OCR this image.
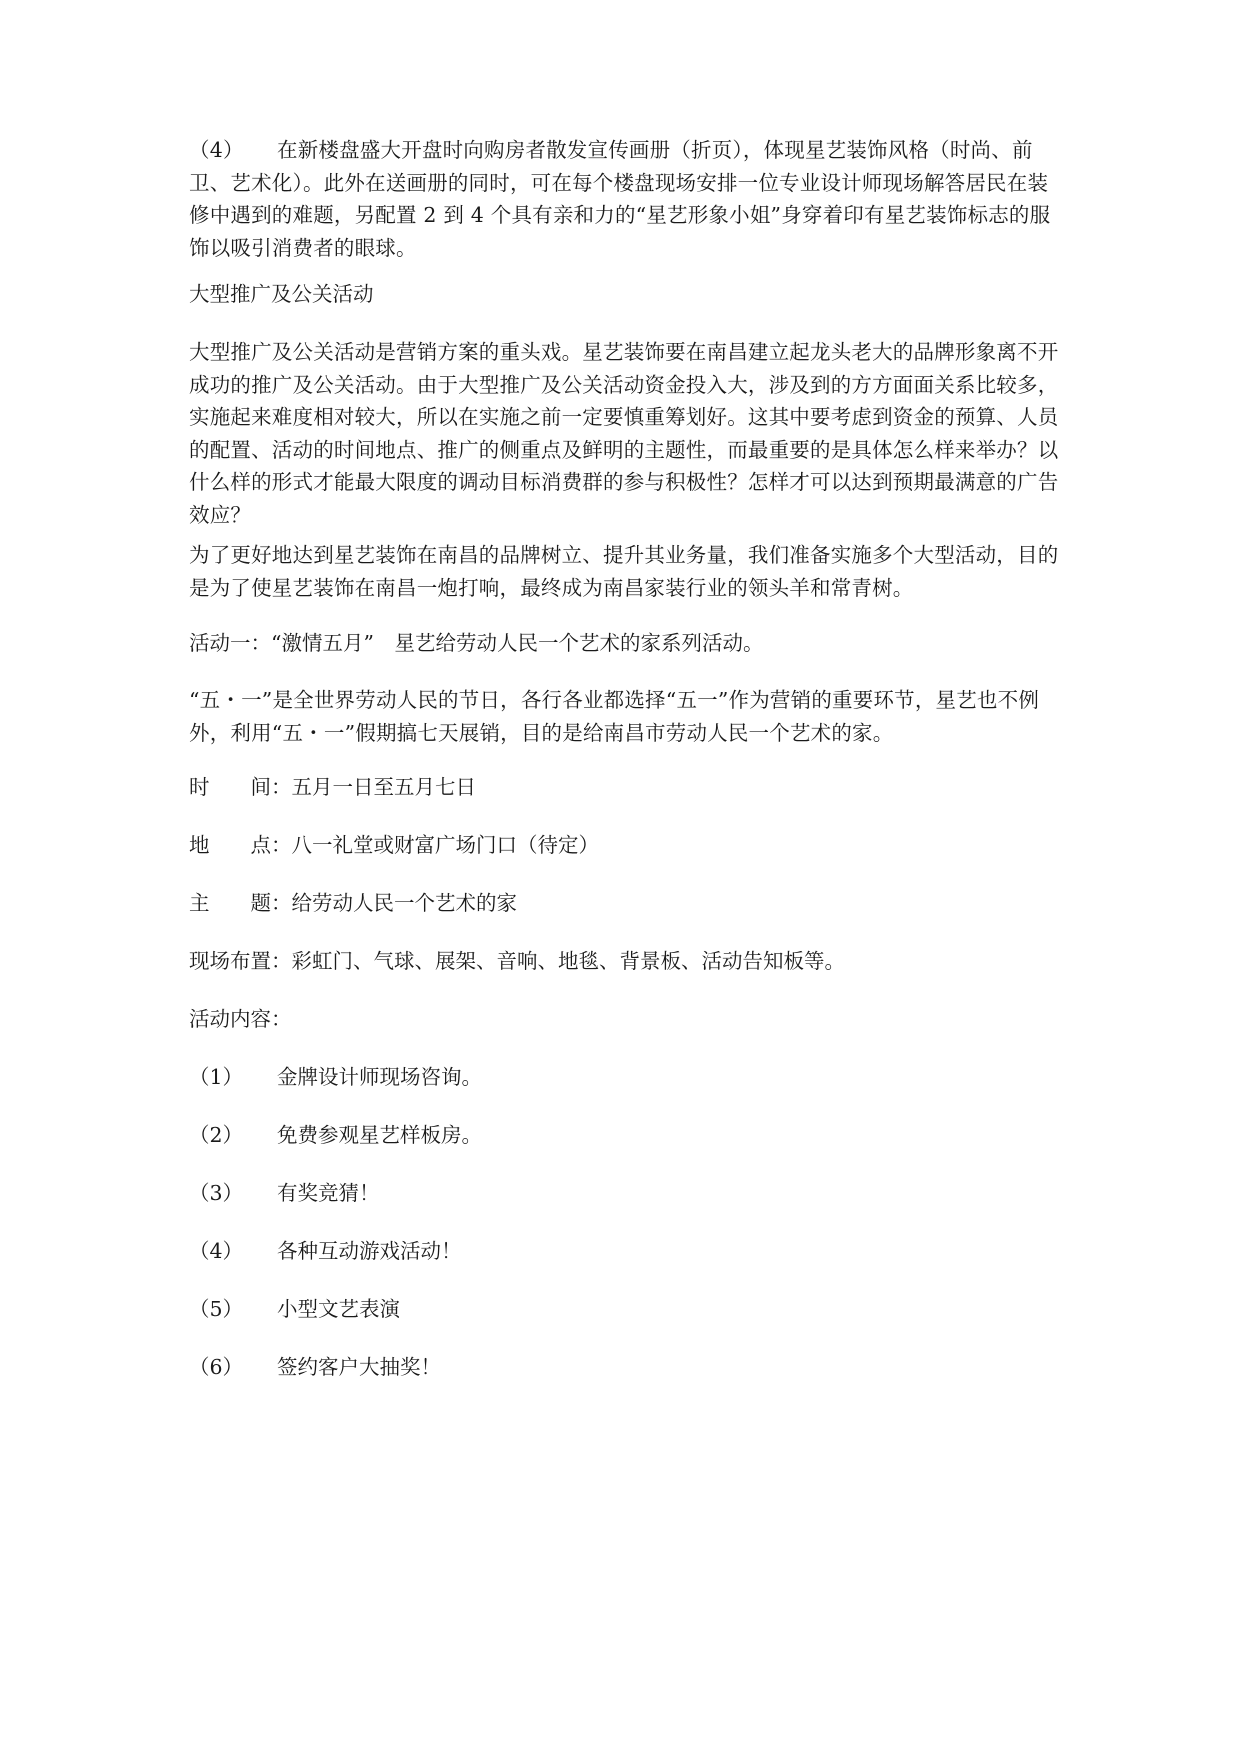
（4） 在新楼盘盛大开盘时向购房者散发宣传画册（折页），体现星艺装饰风格（时尚、前卫、艺术化）。此外在送画册的同时，可在每个楼盘现场安排一位专业设计师现场解答居民在装修中遇到的难题，另配置 2 到 4 个具有亲和力的“星艺形象小姐”身穿着印有星艺装饰标志的服饰以吸引消费者的眼球。

大型推广及公关活动

大型推广及公关活动是营销方案的重头戏。星艺装饰要在南昌建立起龙头老大的品牌形象离不开成功的推广及公关活动。由于大型推广及公关活动资金投入大，涉及到的方方面面关系比较多，实施起来难度相对较大，所以在实施之前一定要慎重筹划好。这其中要考虑到资金的预算、人员的配置、活动的时间地点、推广的侧重点及鲜明的主题性，而最重要的是具体怎么样来举办？以什么样的形式才能最大限度的调动目标消费群的参与积极性？怎样才可以达到预期最满意的广告效应？

为了更好地达到星艺装饰在南昌的品牌树立、提升其业务量，我们准备实施多个大型活动，目的是为了使星艺装饰在南昌一炮打响，最终成为南昌家装行业的领头羊和常青树。

活动一：“激情五月”　星艺给劳动人民一个艺术的家系列活动。

“五・一”是全世界劳动人民的节日，各行各业都选择“五一”作为营销的重要环节，星艺也不例外，利用“五・一”假期搞七天展销，目的是给南昌市劳动人民一个艺术的家。

时　　间：五月一日至五月七日

地　　点：八一礼堂或财富广场门口（待定）

主　　题：给劳动人民一个艺术的家

现场布置：彩虹门、气球、展架、音响、地毯、背景板、活动告知板等。

活动内容：

（1） 金牌设计师现场咨询。

（2） 免费参观星艺样板房。

（3） 有奖竞猜！

（4） 各种互动游戏活动！

（5） 小型文艺表演

（6） 签约客户大抽奖！
